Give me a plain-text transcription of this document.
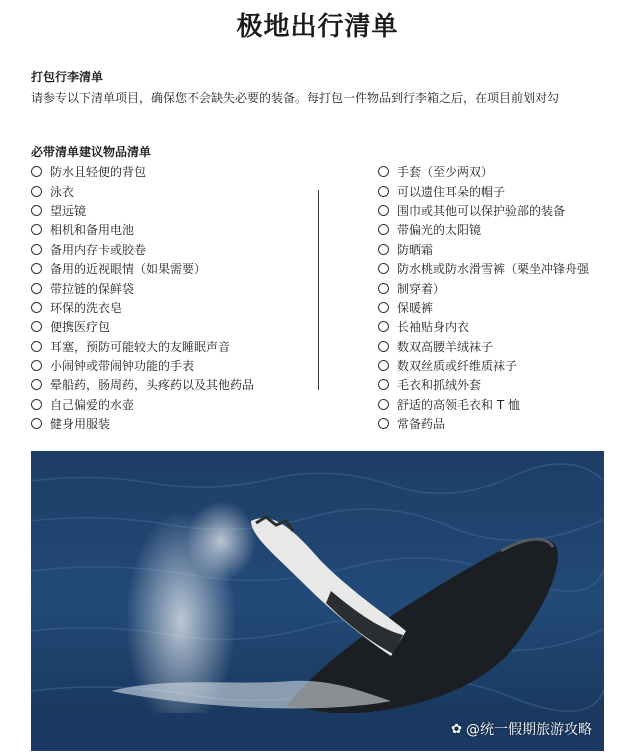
极地出行清单
打包行李清单
请参专以下清单项目，确保您不会缺失必要的装备。每打包一件物品到行李箱之后，在项目前划对勾
必带清单建议物品清单
防水且轻便的背包
泳衣
望远镜
相机和备用电池
备用内存卡或胶卷
备用的近视眼情（如果需要）
带拉链的保鲜袋
环保的洗衣皂
便携医疗包
耳塞，预防可能较大的友睡眠声音
小闹钟或带闹钟功能的手表
晕船药，肠周药，头疼药以及其他药品
自己偏爱的水壶
健身用服装
手套（至少两双）
可以遗住耳朵的帽子
围巾或其他可以保护验部的装备
带偏光的太阳镜
防晒霜
防水桃或防水滑雪裤（栗坐冲锋舟强
制穿着）
保暖裤
长袖贴身内衣
数双高腰羊绒袜子
数双丝质或纤维质袜子
毛衣和抓绒外套
舒适的高领毛衣和 T 恤
常备药品
✿ @统一假期旅游攻略
